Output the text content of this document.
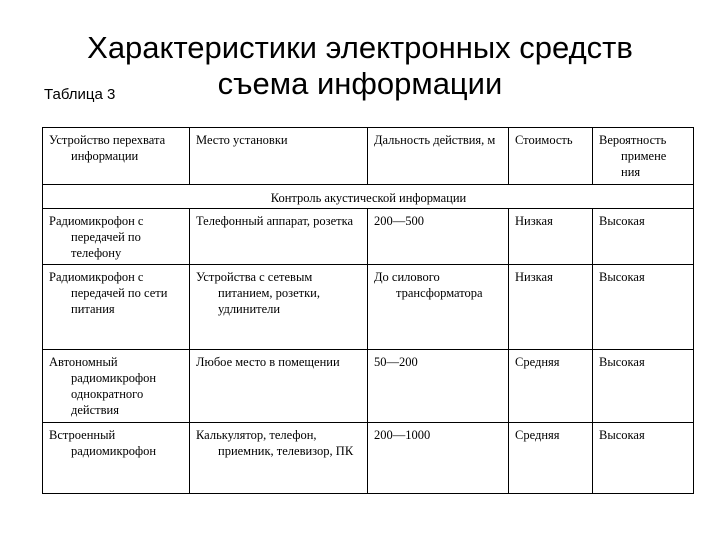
Характеристики электронных средств
съема информации
Таблица 3
Устройство перехвата информации	Место установки	Дальность действия, м	Стоимость	Вероятность примене ния
Контроль акустической информации				
Радиомикрофон с передачей по телефону	Телефонный аппарат, розетка	200—500	Низкая	Высокая
Радиомикрофон с передачей по сети питания	Устройства с сетевым питанием, розетки, удлинители	До силового трансформатора	Низкая	Высокая
Автономный радиомикрофон однократного действия	Любое место в помещении	50—200	Средняя	Высокая
Встроенный радиомикрофон	Калькулятор, телефон, приемник, телевизор, ПК	200—1000	Средняя	Высокая
